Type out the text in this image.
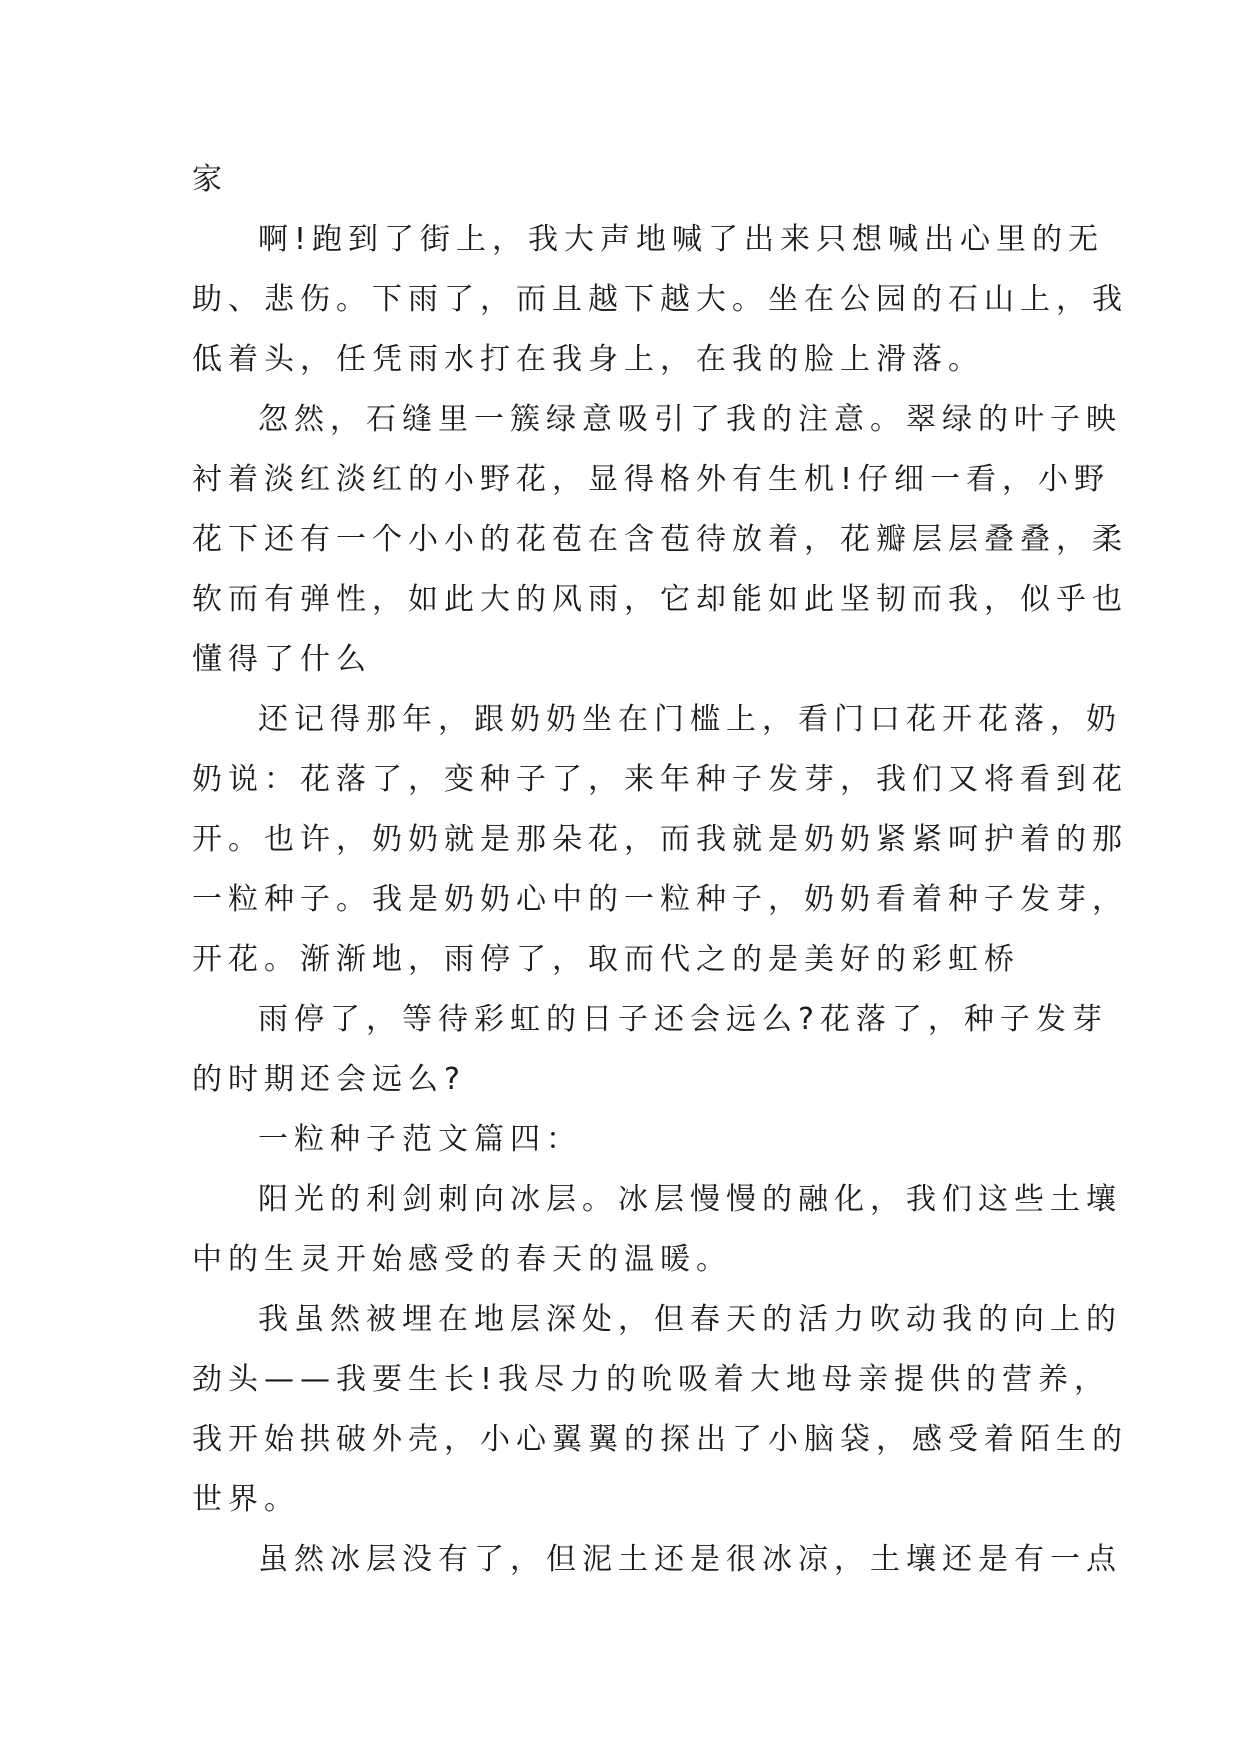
家
啊!跑到了街上，我大声地喊了出来只想喊出心里的无
助、悲伤。下雨了，而且越下越大。坐在公园的石山上，我
低着头，任凭雨水打在我身上，在我的脸上滑落。
忽然，石缝里一簇绿意吸引了我的注意。翠绿的叶子映
衬着淡红淡红的小野花，显得格外有生机!仔细一看，小野
花下还有一个小小的花苞在含苞待放着，花瓣层层叠叠，柔
软而有弹性，如此大的风雨，它却能如此坚韧而我，似乎也
懂得了什么
还记得那年，跟奶奶坐在门槛上，看门口花开花落，奶
奶说：花落了，变种子了，来年种子发芽，我们又将看到花
开。也许，奶奶就是那朵花，而我就是奶奶紧紧呵护着的那
一粒种子。我是奶奶心中的一粒种子，奶奶看着种子发芽，
开花。渐渐地，雨停了，取而代之的是美好的彩虹桥
雨停了，等待彩虹的日子还会远么?花落了，种子发芽
的时期还会远么?
一粒种子范文篇四：
阳光的利剑刺向冰层。冰层慢慢的融化，我们这些土壤
中的生灵开始感受的春天的温暖。
我虽然被埋在地层深处，但春天的活力吹动我的向上的
劲头——我要生长!我尽力的吮吸着大地母亲提供的营养，
我开始拱破外壳，小心翼翼的探出了小脑袋，感受着陌生的
世界。
虽然冰层没有了，但泥土还是很冰凉，土壤还是有一点
